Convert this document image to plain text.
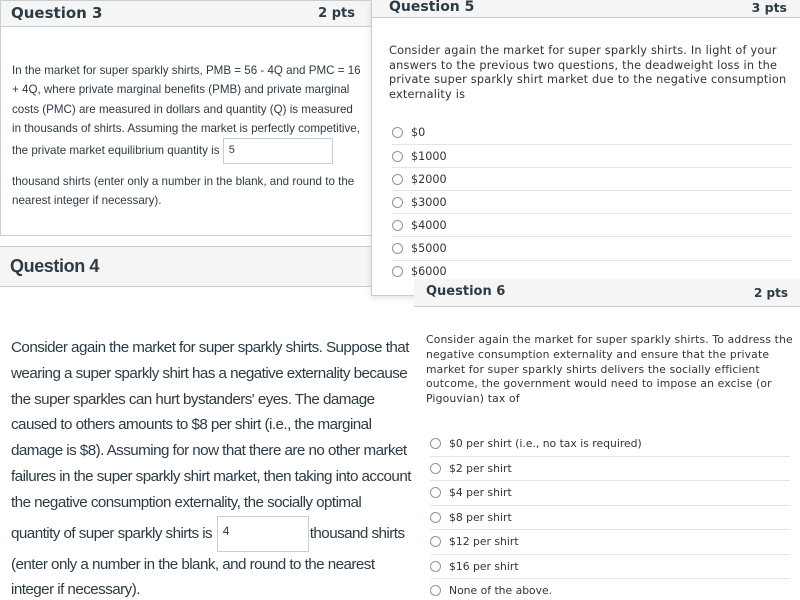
Question 3	2 pts
In the market for super sparkly shirts, PMB = 56 - 4Q and PMC = 16 + 4Q, where private marginal benefits (PMB) and private marginal costs (PMC) are measured in dollars and quantity (Q) is measured in thousands of shirts. Assuming the market is perfectly competitive, the private market equilibrium quantity is 5
thousand shirts (enter only a number in the blank, and round to the nearest integer if necessary).
Question 4
Consider again the market for super sparkly shirts. Suppose that wearing a super sparkly shirt has a negative externality because the super sparkles can hurt bystanders' eyes. The damage caused to others amounts to $8 per shirt (i.e., the marginal damage is $8). Assuming for now that there are no other market failures in the super sparkly shirt market, then taking into account the negative consumption externality, the socially optimal quantity of super sparkly shirts is 4	thousand shirts (enter only a number in the blank, and round to the nearest integer if necessary).
Question 5	3 pts
Consider again the market for super sparkly shirts. In light of your answers to the previous two questions, the deadweight loss in the private super sparkly shirt market due to the negative consumption externality is
$0
$1000
$2000
$3000
$4000
$5000
$6000
Question 6	2 pts
Consider again the market for super sparkly shirts. To address the negative consumption externality and ensure that the private market for super sparkly shirts delivers the socially efficient outcome, the government would need to impose an excise (or Pigouvian) tax of
$0 per shirt (i.e., no tax is required)
$2 per shirt
$4 per shirt
$8 per shirt
$12 per shirt
$16 per shirt
None of the above.
